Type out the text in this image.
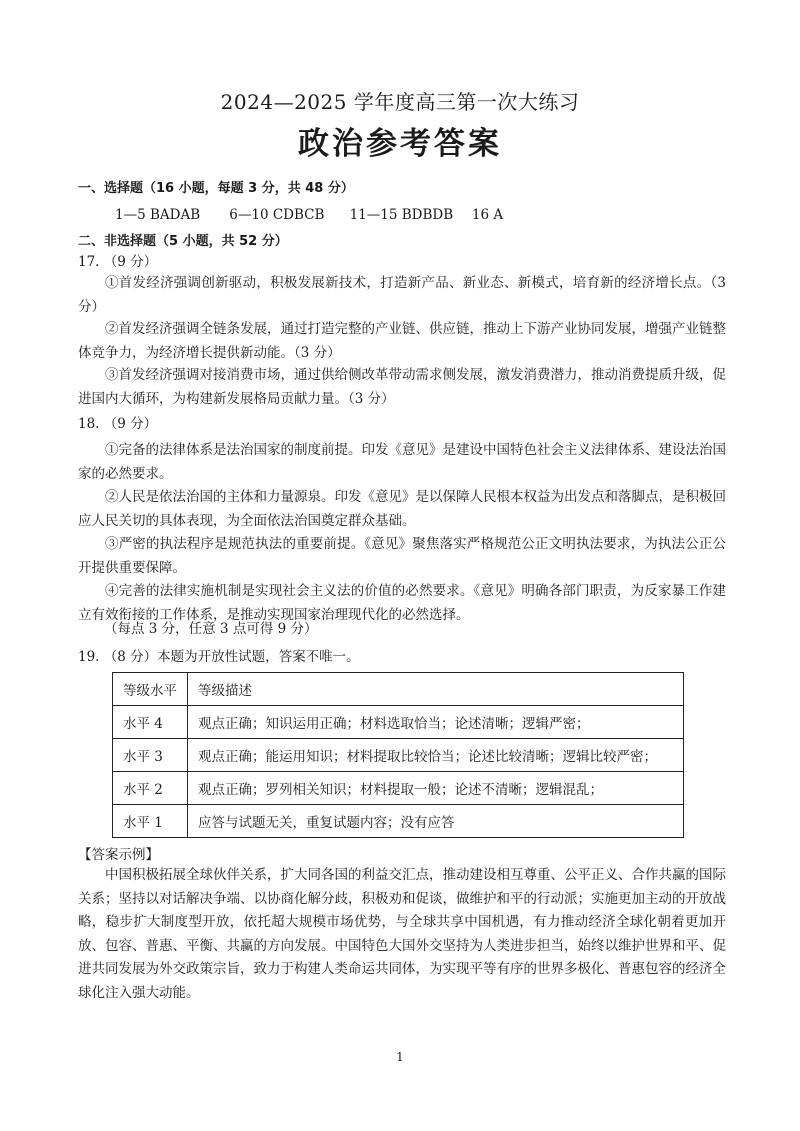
2024—2025 学年度高三第一次大练习
政治参考答案
一、选择题（16 小题，每题 3 分，共 48 分）
1—5 BADAB 6—10 CDBCB 11—15 BDBDB 16 A
二、非选择题（5 小题，共 52 分）
17. （9 分）
①首发经济强调创新驱动，积极发展新技术，打造新产品、新业态、新模式，培育新的经济增长点。（3 分）
②首发经济强调全链条发展，通过打造完整的产业链、供应链，推动上下游产业协同发展，增强产业链整体竞争力，为经济增长提供新动能。（3 分）
③首发经济强调对接消费市场，通过供给侧改革带动需求侧发展，激发消费潜力，推动消费提质升级，促进国内大循环，为构建新发展格局贡献力量。（3 分）
18. （9 分）
①完备的法律体系是法治国家的制度前提。印发《意见》是建设中国特色社会主义法律体系、建设法治国家的必然要求。
②人民是依法治国的主体和力量源泉。印发《意见》是以保障人民根本权益为出发点和落脚点，是积极回应人民关切的具体表现，为全面依法治国奠定群众基础。
③严密的执法程序是规范执法的重要前提。《意见》聚焦落实严格规范公正文明执法要求，为执法公正公开提供重要保障。
④完善的法律实施机制是实现社会主义法的价值的必然要求。《意见》明确各部门职责，为反家暴工作建立有效衔接的工作体系，是推动实现国家治理现代化的必然选择。
（每点 3 分，任意 3 点可得 9 分）
19. （8 分）本题为开放性试题，答案不唯一。
等级水平	等级描述
水平 4	观点正确；知识运用正确；材料选取恰当；论述清晰；逻辑严密；
水平 3	观点正确；能运用知识；材料提取比较恰当；论述比较清晰；逻辑比较严密；
水平 2	观点正确；罗列相关知识；材料提取一般；论述不清晰；逻辑混乱；
水平 1	应答与试题无关，重复试题内容；没有应答
【答案示例】
中国积极拓展全球伙伴关系，扩大同各国的利益交汇点，推动建设相互尊重、公平正义、合作共赢的国际关系；坚持以对话解决争端、以协商化解分歧，积极劝和促谈，做维护和平的行动派；实施更加主动的开放战略，稳步扩大制度型开放，依托超大规模市场优势，与全球共享中国机遇，有力推动经济全球化朝着更加开放、包容、普惠、平衡、共赢的方向发展。中国特色大国外交坚持为人类进步担当，始终以维护世界和平、促进共同发展为外交政策宗旨，致力于构建人类命运共同体，为实现平等有序的世界多极化、普惠包容的经济全球化注入强大动能。
1
